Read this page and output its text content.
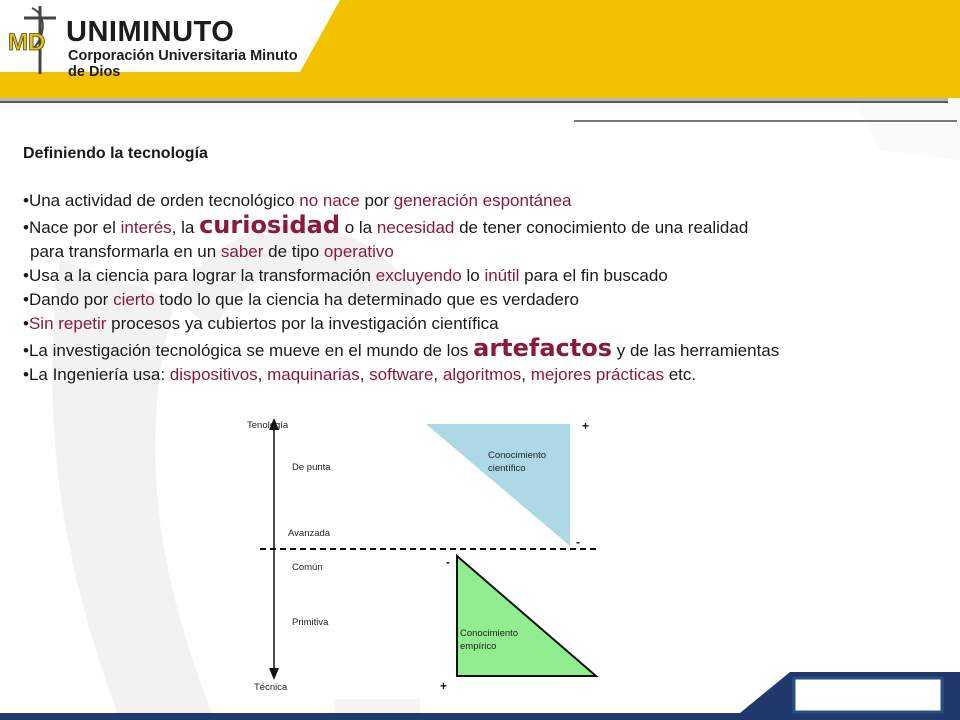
MD UNIMINUTO
Corporación Universitaria Minuto de Dios
Definiendo la tecnología
•Una actividad de orden tecnológico no nace por generación espontánea
•Nace por el interés, la curiosidad o la necesidad de tener conocimiento de una realidad
para transformarla en un saber de tipo operativo
•Usa a la ciencia para lograr la transformación excluyendo lo inútil para el fin buscado
•Dando por cierto todo lo que la ciencia ha determinado que es verdadero
•Sin repetir procesos ya cubiertos por la investigación científica
•La investigación tecnológica se mueve en el mundo de los artefactos y de las herramientas
•La Ingeniería usa: dispositivos, maquinarias, software, algoritmos, mejores prácticas etc.
Tenología
Técnica
De punta
Avanzada
Común
Primitiva
Conocimiento
científico
Conocimiento
empírico
+
-
-
+
